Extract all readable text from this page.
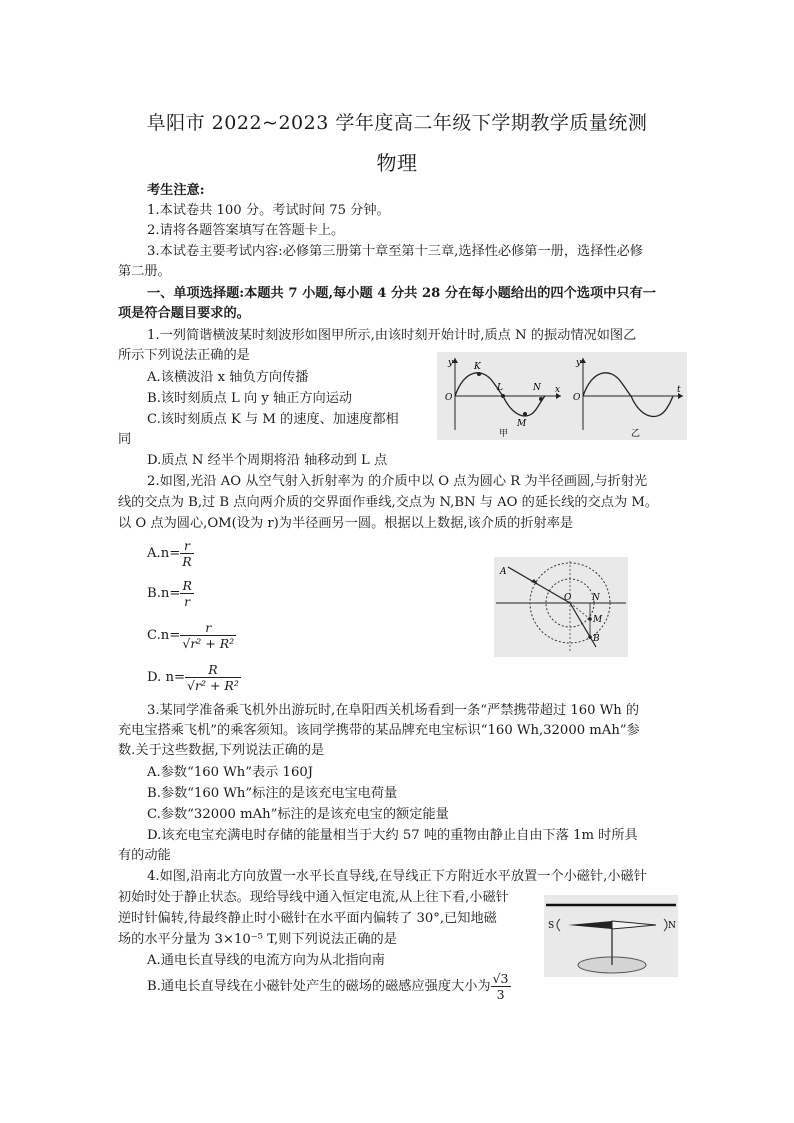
阜阳市 2022~2023 学年度高二年级下学期教学质量统测
物理
考生注意:
1.本试卷共 100 分。考试时间 75 分钟。
2.请将各题答案填写在答题卡上。
3.本试卷主要考试内容:必修第三册第十章至第十三章,选择性必修第一册，选择性必修
第二册。
一、单项选择题:本题共 7 小题,每小题 4 分共 28 分在每小题给出的四个选项中只有一
项是符合题目要求的。
1.一列简谐横波某时刻波形如图甲所示,由该时刻开始计时,质点 N 的振动情况如图乙
所示下列说法正确的是
A.该横波沿 x 轴负方向传播
B.该时刻质点 L 向 y 轴正方向运动
C.该时刻质点 K 与 M 的速度、加速度都相
同
D.质点 N 经半个周期将沿 轴移动到 L 点
y K
L	N
M
x
O
甲
y
t
O
乙
2.如图,光沿 AO 从空气射入折射率为 的介质中以 O 点为圆心 R 为半径画圆,与折射光
线的交点为 B,过 B 点向两介质的交界面作垂线,交点为 N,BN 与 AO 的延长线的交点为 M。
以 O 点为圆心,OM(设为 r)为半径画另一圆。根据以上数据,该介质的折射率是
$A.n= \frac{r}{R}$
$B.n= \frac{R}{r}$
$C.n= \frac{r}{\text{√r² + R²}}$
D. $n= \frac{R}{\text{√r² + R²}}$
A
O N
M
B
3.某同学准备乘飞机外出游玩时,在阜阳西关机场看到一条“严禁携带超过 160 Wh 的
充电宝搭乘飞机”的乘客须知。该同学携带的某品牌充电宝标识“160 Wh,32000 mAh”参
数.关于这些数据,下列说法正确的是
A.参数“160 Wh”表示 160J
B.参数“160 Wh”标注的是该充电宝电荷量
C.参数“32000 mAh”标注的是该充电宝的额定能量
D.该充电宝充满电时存储的能量相当于大约 57 吨的重物由静止自由下落 1m 时所具
有的动能
4.如图,沿南北方向放置一水平长直导线,在导线正下方附近水平放置一个小磁针,小磁针
初始时处于静止状态。现给导线中通入恒定电流,从上往下看,小磁针
逆时针偏转,待最终静止时小磁针在水平面内偏转了 30°,已知地磁
场的水平分量为 3×10⁻⁵ T,则下列说法正确的是
A.通电长直导线的电流方向为从北指向南
B.通电长直导线在小磁针处产生的磁场的磁感应强度大小为 $\frac{√3}{3}$
S	N
